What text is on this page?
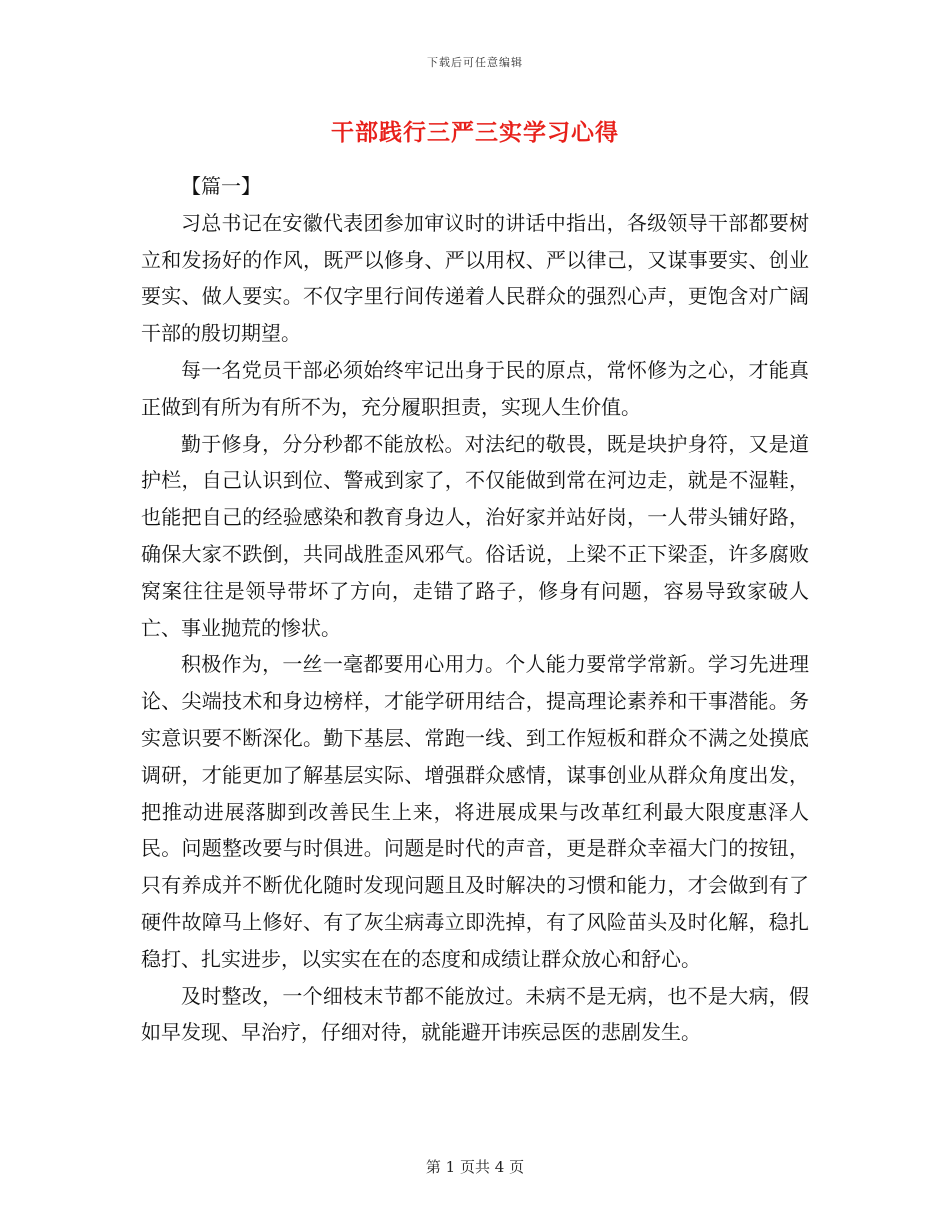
下载后可任意编辑
干部践行三严三实学习心得

【篇一】

习总书记在安徽代表团参加审议时的讲话中指出，各级领导干部都要树立和发扬好的作风，既严以修身、严以用权、严以律己，又谋事要实、创业要实、做人要实。不仅字里行间传递着人民群众的强烈心声，更饱含对广阔干部的殷切期望。

每一名党员干部必须始终牢记出身于民的原点，常怀修为之心，才能真正做到有所为有所不为，充分履职担责，实现人生价值。

勤于修身，分分秒都不能放松。对法纪的敬畏，既是块护身符，又是道护栏，自己认识到位、警戒到家了，不仅能做到常在河边走，就是不湿鞋，也能把自己的经验感染和教育身边人，治好家并站好岗，一人带头铺好路，确保大家不跌倒，共同战胜歪风邪气。俗话说，上梁不正下梁歪，许多腐败窝案往往是领导带坏了方向，走错了路子，修身有问题，容易导致家破人亡、事业抛荒的惨状。

积极作为，一丝一毫都要用心用力。个人能力要常学常新。学习先进理论、尖端技术和身边榜样，才能学研用结合，提高理论素养和干事潜能。务实意识要不断深化。勤下基层、常跑一线、到工作短板和群众不满之处摸底调研，才能更加了解基层实际、增强群众感情，谋事创业从群众角度出发，把推动进展落脚到改善民生上来，将进展成果与改革红利最大限度惠泽人民。问题整改要与时俱进。问题是时代的声音，更是群众幸福大门的按钮，只有养成并不断优化随时发现问题且及时解决的习惯和能力，才会做到有了硬件故障马上修好、有了灰尘病毒立即洗掉，有了风险苗头及时化解，稳扎稳打、扎实进步，以实实在在的态度和成绩让群众放心和舒心。

及时整改，一个细枝末节都不能放过。未病不是无病，也不是大病，假如早发现、早治疗，仔细对待，就能避开讳疾忌医的悲剧发生。

第 1 页共 4 页
